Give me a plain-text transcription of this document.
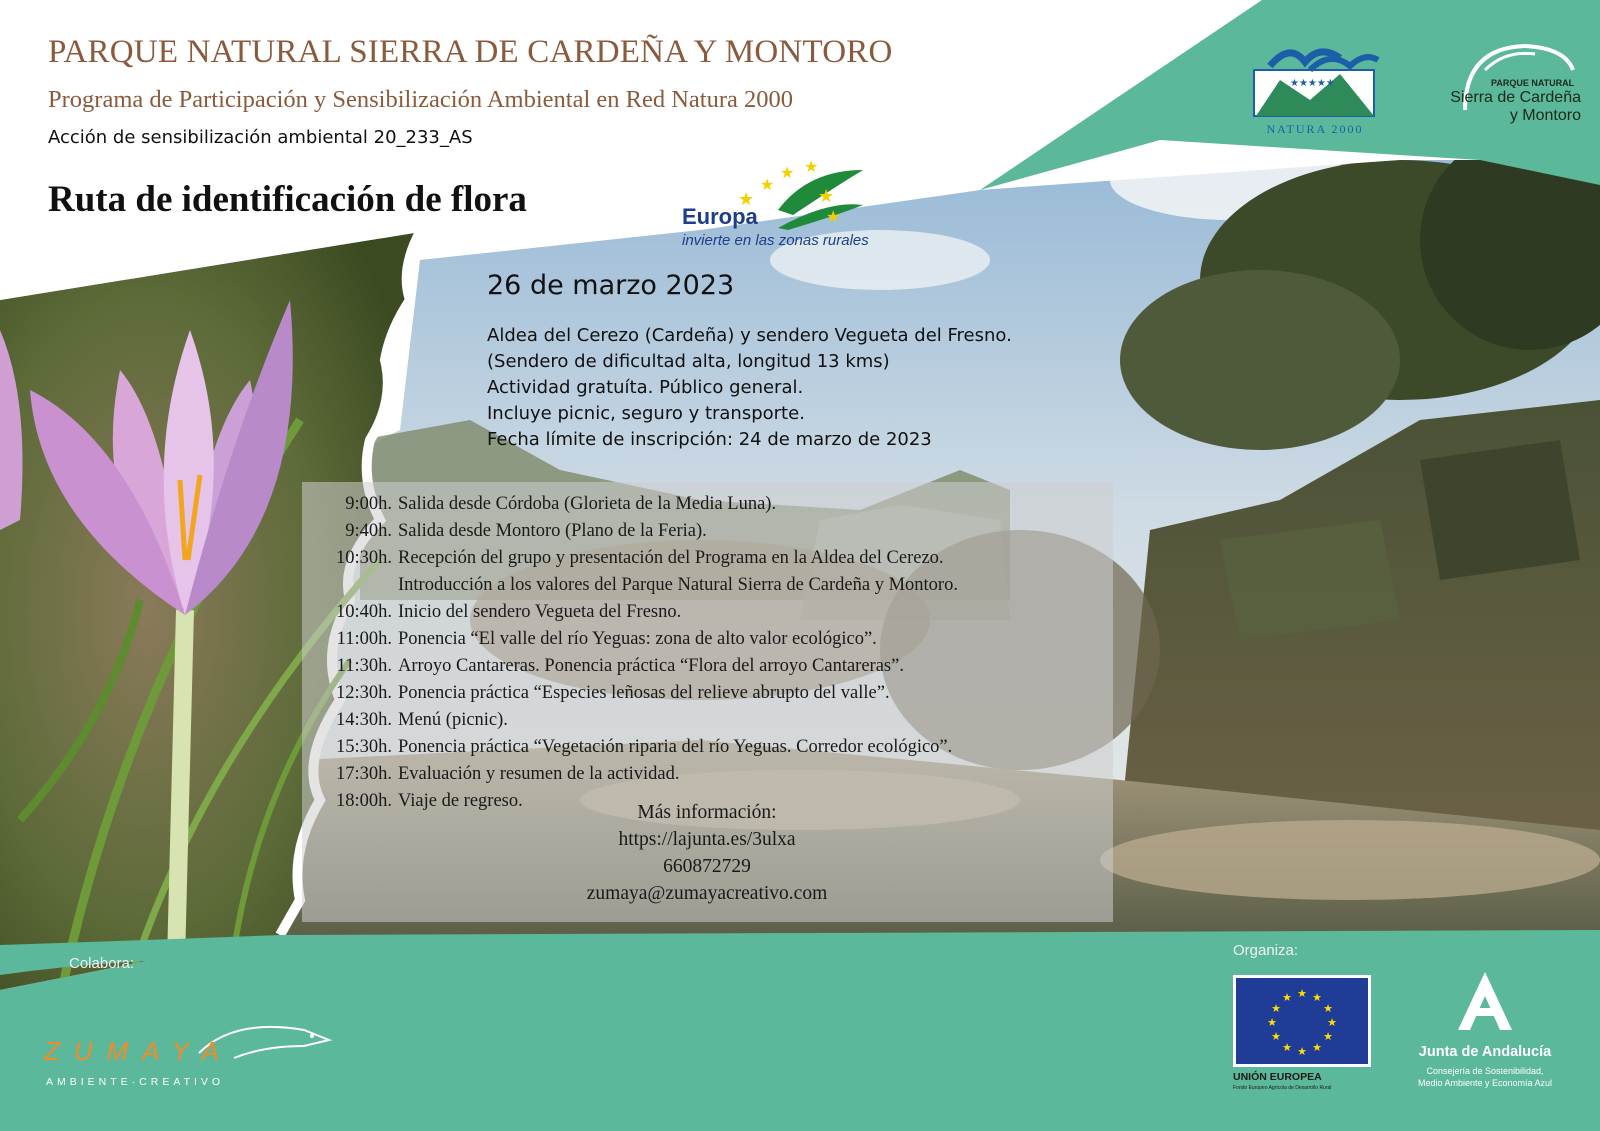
PARQUE NATURAL SIERRA DE CARDEÑA Y MONTORO
Programa de Participación y Sensibilización Ambiental en Red Natura 2000
Acción de sensibilización ambiental 20_233_AS
Ruta de identificación de flora
★★★★★
NATURA 2000
PARQUE NATURAL
Sierra de Cardeña
y Montoro
★
★
★ ★
★
★
Europa
invierte en las zonas rurales
26 de marzo 2023
Aldea del Cerezo (Cardeña) y sendero Vegueta del Fresno.
(Sendero de dificultad alta, longitud 13 kms)
Actividad gratuíta. Público general.
Incluye picnic, seguro y transporte.
Fecha límite de inscripción: 24 de marzo de 2023
9:00h. Salida desde Córdoba (Glorieta de la Media Luna).
9:40h. Salida desde Montoro (Plano de la Feria).
10:30h. Recepción del grupo y presentación del Programa en la Aldea del Cerezo.
Introducción a los valores del Parque Natural Sierra de Cardeña y Montoro.
10:40h. Inicio del sendero Vegueta del Fresno.
11:00h. Ponencia “El valle del río Yeguas: zona de alto valor ecológico”.
11:30h. Arroyo Cantareras. Ponencia práctica “Flora del arroyo Cantareras”.
12:30h. Ponencia práctica “Especies leñosas del relieve abrupto del valle”.
14:30h. Menú (picnic).
15:30h. Ponencia práctica “Vegetación riparia del río Yeguas. Corredor ecológico”.
17:30h. Evaluación y resumen de la actividad.
18:00h. Viaje de regreso.
Más información:
https://lajunta.es/3ulxa
660872729
zumaya@zumayacreativo.com
Colabora:
Organiza:
ZUMAYA
AMBIENTE·CREATIVO
★ ★
★
★
★
★
★
★
★
★
★
★
UNIÓN EUROPEA
Fondo Europeo Agrícola de Desarrollo Rural
Junta de Andalucía
Consejería de Sostenibilidad,
Medio Ambiente y Economía Azul
